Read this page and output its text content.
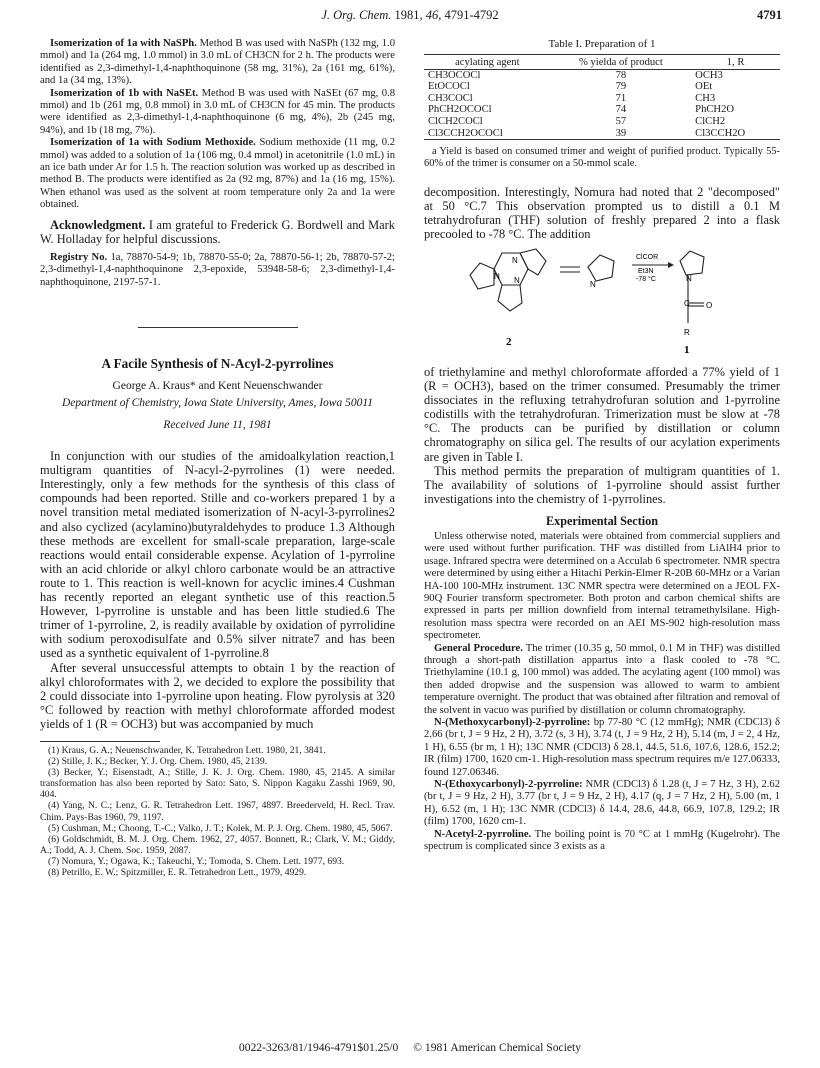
J. Org. Chem. 1981, 46, 4791-4792	4791

Isomerization of 1a with NaSPh. Method B was used with NaSPh (132 mg, 1.0 mmol) and 1a (264 mg, 1.0 mmol) in 3.0 mL of CH3CN for 2 h. The products were identified as 2,3-dimethyl-1,4-naphthoquinone (58 mg, 31%), 2a (161 mg, 61%), and 1a (34 mg, 13%).

Isomerization of 1b with NaSEt. Method B was used with NaSEt (67 mg, 0.8 mmol) and 1b (261 mg, 0.8 mmol) in 3.0 mL of CH3CN for 45 min. The products were identified as 2,3-dimethyl-1,4-naphthoquinone (6 mg, 4%), 2b (245 mg, 94%), and 1b (18 mg, 7%).

Isomerization of 1a with Sodium Methoxide. Sodium methoxide (11 mg, 0.2 mmol) was added to a solution of 1a (106 mg, 0.4 mmol) in acetonitrile (1.0 mL) in an ice bath under Ar for 1.5 h. The reaction solution was worked up as described in method B. The products were identified as 2a (92 mg, 87%) and 1a (16 mg, 15%). When ethanol was used as the solvent at room temperature only 2a and 1a were obtained.

Acknowledgment. I am grateful to Frederick G. Bordwell and Mark W. Holladay for helpful discussions.

Registry No. 1a, 78870-54-9; 1b, 78870-55-0; 2a, 78870-56-1; 2b, 78870-57-2; 2,3-dimethyl-1,4-naphthoquinone 2,3-epoxide, 53948-58-6; 2,3-dimethyl-1,4-naphthoquinone, 2197-57-1.

A Facile Synthesis of N-Acyl-2-pyrrolines
George A. Kraus* and Kent Neuenschwander
Department of Chemistry, Iowa State University, Ames, Iowa 50011
Received June 11, 1981

In conjunction with our studies of the amidoalkylation reaction,1 multigram quantities of N-acyl-2-pyrrolines (1) were needed. Interestingly, only a few methods for the synthesis of this class of compounds had been reported. Stille and co-workers prepared 1 by a novel transition metal mediated isomerization of N-acyl-3-pyrrolines2 and also cyclized (acylamino)butyraldehydes to produce 1.3 Although these methods are excellent for small-scale preparation, large-scale reactions would entail considerable expense. Acylation of 1-pyrroline with an acid chloride or alkyl chloro carbonate would be an attractive route to 1. This reaction is well-known for acyclic imines.4 Cushman has recently reported an elegant synthetic use of this reaction.5 However, 1-pyrroline is unstable and has been little studied.6 The trimer of 1-pyrroline, 2, is readily available by oxidation of pyrrolidine with sodium peroxodisulfate and 0.5% silver nitrate7 and has been used as a synthetic equivalent of 1-pyrroline.8

After several unsuccessful attempts to obtain 1 by the reaction of alkyl chloroformates with 2, we decided to explore the possibility that 2 could dissociate into 1-pyrroline upon heating. Flow pyrolysis at 320 °C followed by reaction with methyl chloroformate afforded modest yields of 1 (R = OCH3) but was accompanied by much

(1) Kraus, G. A.; Neuenschwander, K. Tetrahedron Lett. 1980, 21, 3841.

(2) Stille, J. K.; Becker, Y. J. Org. Chem. 1980, 45, 2139.

(3) Becker, Y.; Eisenstadt, A.; Stille, J. K. J. Org. Chem. 1980, 45, 2145. A similar transformation has also been reported by Sato: Sato, S. Nippon Kagaku Zasshi 1969, 90, 404.

(4) Yang, N. C.; Lenz, G. R. Tetrahedron Lett. 1967, 4897. Breederveld, H. Recl. Trav. Chim. Pays-Bas 1960, 79, 1197.

(5) Cushman, M.; Choong, T.-C.; Valko, J. T.; Kolek, M. P. J. Org. Chem. 1980, 45, 5067.

(6) Goldschmidt, B. M. J. Org. Chem. 1962, 27, 4057. Bonnett, R.; Clark, V. M.; Giddy, A.; Todd, A. J. Chem. Soc. 1959, 2087.

(7) Nomura, Y.; Ogawa, K.; Takeuchi, Y.; Tomoda, S. Chem. Lett. 1977, 693.

(8) Petrillo, E. W.; Spitzmiller, E. R. Tetrahedron Lett., 1979, 4929.

Table I. Preparation of 1
acylating agent	% yielda of product	1, R

CH3OCOCl	78	OCH3
EtOCOCl	79	OEt
CH3COCl	71	CH3
PhCH2OCOCl	74	PhCH2O
ClCH2COCl	57	ClCH2
Cl3CCH2OCOCl	39	Cl3CCH2O

a Yield is based on consumed trimer and weight of purified product. Typically 55-60% of the trimer is consumer on a 50-mmol scale.

decomposition. Interestingly, Nomura had noted that 2 "decomposed" at 50 °C.7 This observation prompted us to distill a 0.1 M tetrahydrofuran (THF) solution of freshly prepared 2 into a flask precooled to -78 °C. The addition

N
N N
2
N
ClCOR
Et3N
-78 °C	N
C O
R
1

of triethylamine and methyl chloroformate afforded a 77% yield of 1 (R = OCH3), based on the trimer consumed. Presumably the trimer dissociates in the refluxing tetrahydrofuran solution and 1-pyrroline codistills with the tetrahydrofuran. Trimerization must be slow at -78 °C. The products can be purified by distillation or column chromatography on silica gel. The results of our acylation experiments are given in Table I.

This method permits the preparation of multigram quantities of 1. The availability of solutions of 1-pyrroline should assist further investigations into the chemistry of 1-pyrrolines.

Experimental Section

Unless otherwise noted, materials were obtained from commercial suppliers and were used without further purification. THF was distilled from LiAlH4 prior to usage. Infrared spectra were determined on a Acculab 6 spectrometer. NMR spectra were determined by using either a Hitachi Perkin-Elmer R-20B 60-MHz or a Varian HA-100 100-MHz instrument. 13C NMR spectra were determined on a JEOL FX-90Q Fourier transform spectrometer. Both proton and carbon chemical shifts are expressed in parts per million downfield from internal tetramethylsilane. High-resolution mass spectra were recorded on an AEI MS-902 high-resolution mass spectrometer.

General Procedure. The trimer (10.35 g, 50 mmol, 0.1 M in THF) was distilled through a short-path distillation appartus into a flask cooled to -78 °C. Triethylamine (10.1 g, 100 mmol) was added. The acylating agent (100 mmol) was then added dropwise and the suspension was allowed to warm to ambient temperature overnight. The product that was obtained after filtration and removal of the solvent in vacuo was purified by distillation or column chromatography.

N-(Methoxycarbonyl)-2-pyrroline: bp 77-80 °C (12 mmHg); NMR (CDCl3) δ 2.66 (br t, J = 9 Hz, 2 H), 3.72 (s, 3 H), 3.74 (t, J = 9 Hz, 2 H), 5.14 (m, J = 2, 4 Hz, 1 H), 6.55 (br m, 1 H); 13C NMR (CDCl3) δ 28.1, 44.5, 51.6, 107.6, 128.6, 152.2; IR (film) 1700, 1620 cm-1. High-resolution mass spectrum requires m/e 127.06333, found 127.06346.

N-(Ethoxycarbonyl)-2-pyrroline: NMR (CDCl3) δ 1.28 (t, J = 7 Hz, 3 H), 2.62 (br t, J = 9 Hz, 2 H), 3.77 (br t, J = 9 Hz, 2 H), 4.17 (q, J = 7 Hz, 2 H), 5.00 (m, 1 H), 6.52 (m, 1 H); 13C NMR (CDCl3) δ 14.4, 28.6, 44.8, 66.9, 107.8, 129.2; IR (film) 1700, 1620 cm-1.

N-Acetyl-2-pyrroline. The boiling point is 70 °C at 1 mmHg (Kugelrohr). The spectrum is complicated since 3 exists as a

0022-3263/81/1946-4791$01.25/0 © 1981 American Chemical Society
